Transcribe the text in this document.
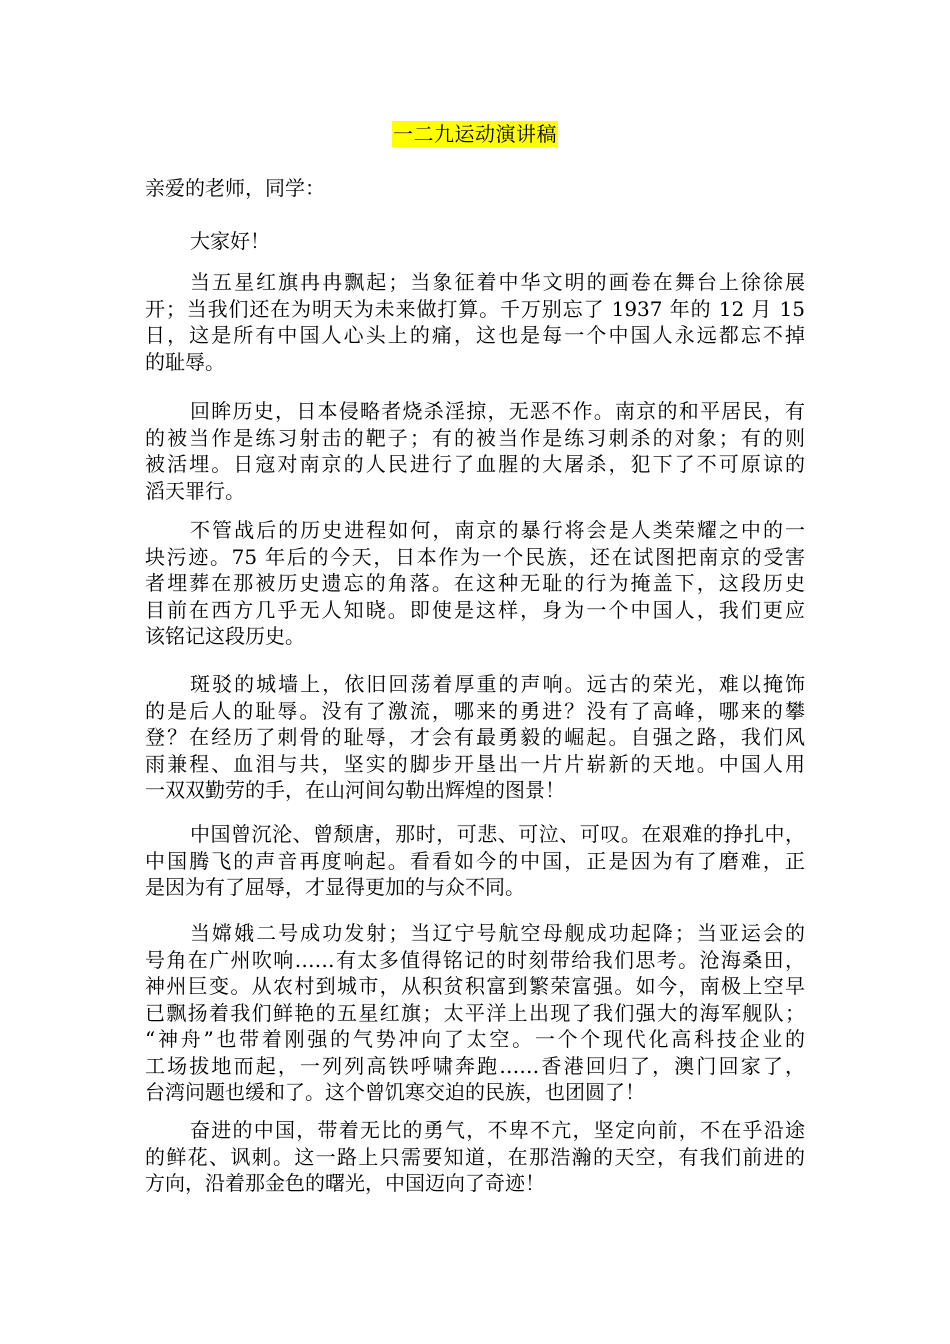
一二九运动演讲稿
亲爱的老师，同学：
大家好！
当五星红旗冉冉飘起；当象征着中华文明的画卷在舞台上徐徐展
开；当我们还在为明天为未来做打算。千万别忘了 1937 年的 12 月 15
日，这是所有中国人心头上的痛，这也是每一个中国人永远都忘不掉
的耻辱。
回眸历史，日本侵略者烧杀淫掠，无恶不作。南京的和平居民，有
的被当作是练习射击的靶子；有的被当作是练习刺杀的对象；有的则
被活埋。日寇对南京的人民进行了血腥的大屠杀，犯下了不可原谅的
滔天罪行。
不管战后的历史进程如何，南京的暴行将会是人类荣耀之中的一
块污迹。75 年后的今天，日本作为一个民族，还在试图把南京的受害
者埋葬在那被历史遗忘的角落。在这种无耻的行为掩盖下，这段历史
目前在西方几乎无人知晓。即使是这样，身为一个中国人，我们更应
该铭记这段历史。
斑驳的城墙上，依旧回荡着厚重的声响。远古的荣光，难以掩饰
的是后人的耻辱。没有了激流，哪来的勇进？没有了高峰，哪来的攀
登？在经历了刺骨的耻辱，才会有最勇毅的崛起。自强之路，我们风
雨兼程、血泪与共，坚实的脚步开垦出一片片崭新的天地。中国人用
一双双勤劳的手，在山河间勾勒出辉煌的图景！
中国曾沉沦、曾颓唐，那时，可悲、可泣、可叹。在艰难的挣扎中，
中国腾飞的声音再度响起。看看如今的中国，正是因为有了磨难，正
是因为有了屈辱，才显得更加的与众不同。
当嫦娥二号成功发射；当辽宁号航空母舰成功起降；当亚运会的
号角在广州吹响……有太多值得铭记的时刻带给我们思考。沧海桑田，
神州巨变。从农村到城市，从积贫积富到繁荣富强。如今，南极上空早
已飘扬着我们鲜艳的五星红旗；太平洋上出现了我们强大的海军舰队；
“神舟”也带着刚强的气势冲向了太空。一个个现代化高科技企业的
工场拔地而起，一列列高铁呼啸奔跑……香港回归了，澳门回家了，
台湾问题也缓和了。这个曾饥寒交迫的民族，也团圆了！
奋进的中国，带着无比的勇气，不卑不亢，坚定向前，不在乎沿途
的鲜花、讽刺。这一路上只需要知道，在那浩瀚的天空，有我们前进的
方向，沿着那金色的曙光，中国迈向了奇迹！
